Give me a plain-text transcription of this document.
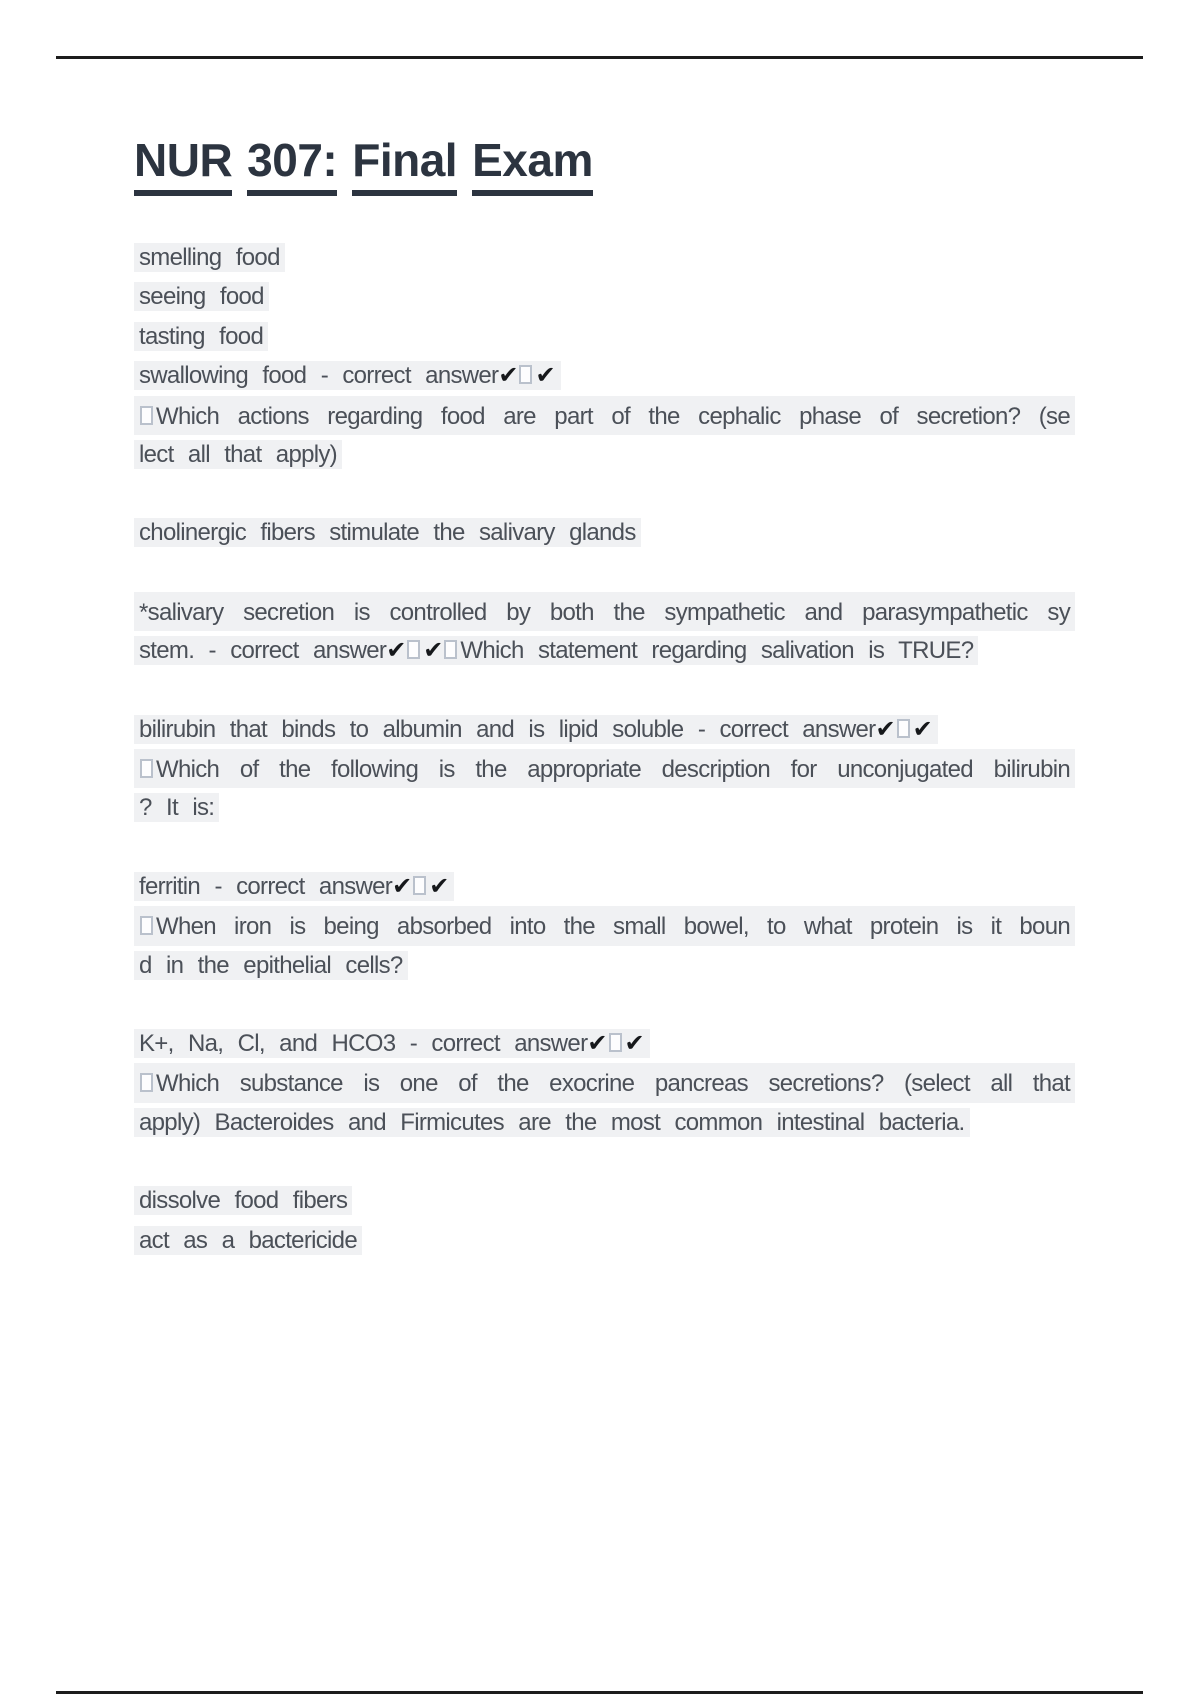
NUR 307: Final Exam
smelling food
seeing food
tasting food
swallowing food - correct answer✔ ✔
Which actions regarding food are part of the cephalic phase of secretion? (se
lect all that apply)
cholinergic fibers stimulate the salivary glands
*salivary secretion is controlled by both the sympathetic and parasympathetic sy
stem. - correct answer✔ ✔ Which statement regarding salivation is TRUE?
bilirubin that binds to albumin and is lipid soluble - correct answer✔ ✔
Which of the following is the appropriate description for unconjugated bilirubin
? It is:
ferritin - correct answer✔ ✔
When iron is being absorbed into the small bowel, to what protein is it boun
d in the epithelial cells?
K+, Na, Cl, and HCO3 - correct answer✔ ✔
Which substance is one of the exocrine pancreas secretions? (select all that
apply) Bacteroides and Firmicutes are the most common intestinal bacteria.
dissolve food fibers
act as a bactericide
